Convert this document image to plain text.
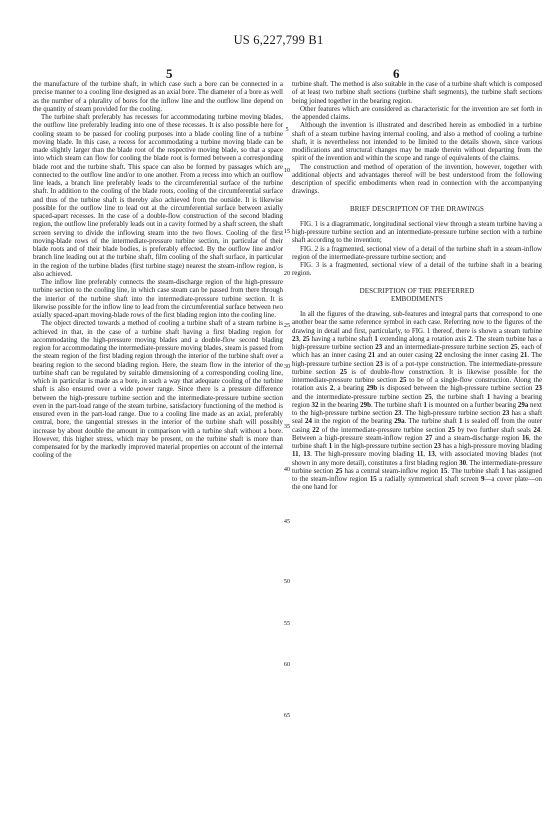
US 6,227,799 B1
5	6
5
10
15
20
25
30
35
40
45
50
55
60
65

the manufacture of the turbine shaft, in which case such a bore can be connected in a precise manner to a cooling line designed as an axial bore. The diameter of a bore as well as the number of a plurality of bores for the inflow line and the outflow line depend on the quantity of steam provided for the cooling.

The turbine shaft preferably has recesses for accommodating turbine moving blades, the outflow line preferably leading into one of these recesses. It is also possible here for cooling steam to be passed for cooling purposes into a blade cooling line of a turbine moving blade. In this case, a recess for accommodating a turbine moving blade can be made slightly larger than the blade root of the respective moving blade, so that a space into which steam can flow for cooling the blade root is formed between a corresponding blade root and the turbine shaft. This space can also be formed by passages which are connected to the outflow line and/or to one another. From a recess into which an outflow line leads, a branch line preferably leads to the circumferential surface of the turbine shaft. In addition to the cooling of the blade roots, cooling of the circumferential surface and thus of the turbine shaft is thereby also achieved from the outside. It is likewise possible for the outflow line to lead out at the circumferential surface between axially spaced-apart recesses. In the case of a double-flow construction of the second blading region, the outflow line preferably leads out in a cavity formed by a shaft screen, the shaft screen serving to divide the inflowing steam into the two flows. Cooling of the first moving-blade rows of the intermediate-pressure turbine section, in particular of their blade roots and of their blade bodies, is preferably effected. By the outflow line and/or branch line leading out at the turbine shaft, film cooling of the shaft surface, in particular in the region of the turbine blades (first turbine stage) nearest the steam-inflow region, is also achieved.

The inflow line preferably connects the steam-discharge region of the high-pressure turbine section to the cooling line, in which case steam can be passed from there through the interior of the turbine shaft into the intermediate-pressure turbine section. It is likewise possible for the inflow line to lead from the circumferential surface between two axially spaced-apart moving-blade rows of the first blading region into the cooling line.

The object directed towards a method of cooling a turbine shaft of a steam turbine is achieved in that, in the case of a turbine shaft having a first blading region for accommodating the high-pressure moving blades and a double-flow second blading region for accommodating the intermediate-pressure moving blades, steam is passed from the steam region of the first blading region through the interior of the turbine shaft over a bearing region to the second blading region. Here, the steam flow in the interior of the turbine shaft can be regulated by suitable dimensioning of a corresponding cooling line, which in particular is made as a bore, in such a way that adequate cooling of the turbine shaft is also ensured over a wide power range. Since there is a pressure difference between the high-pressure turbine section and the intermediate-pressure turbine section even in the part-load range of the steam turbine, satisfactory functioning of the method is ensured even in the part-load range. Due to a cooling line made as an axial, preferably central, bore, the tangential stresses in the interior of the turbine shaft will possibly increase by about double the amount in comparison with a turbine shaft without a bore. However, this higher stress, which may be present, on the turbine shaft is more than compensated for by the markedly improved material properties on account of the internal cooling of the

turbine shaft. The method is also suitable in the case of a turbine shaft which is composed of at least two turbine shaft sections (turbine shaft segments), the turbine shaft sections being joined together in the bearing region.

Other features which are considered as characteristic for the invention are set forth in the appended claims.

Although the invention is illustrated and described herein as embodied in a turbine shaft of a steam turbine having internal cooling, and also a method of cooling a turbine shaft, it is nevertheless not intended to be limited to the details shown, since various modifications and structural changes may be made therein without departing from the spirit of the invention and within the scope and range of equivalents of the claims.

The construction and method of operation of the invention, however, together with additional objects and advantages thereof will be best understood from the following description of specific embodiments when read in connection with the accompanying drawings.

BRIEF DESCRIPTION OF THE DRAWINGS

FIG. 1 is a diagrammatic, longitudinal sectional view through a steam turbine having a high-pressure turbine section and an intermediate-pressure turbine section with a turbine shaft according to the invention;

FIG. 2 is a fragmented, sectional view of a detail of the turbine shaft in a steam-inflow region of the intermediate-pressure turbine section; and

FIG. 3 is a fragmented, sectional view of a detail of the turbine shaft in a bearing region.

DESCRIPTION OF THE PREFERRED
EMBODIMENTS

In all the figures of the drawing, sub-features and integral parts that correspond to one another bear the same reference symbol in each case. Referring now to the figures of the drawing in detail and first, particularly, to FIG. 1 thereof, there is shown a steam turbine 23, 25 having a turbine shaft 1 extending along a rotation axis 2. The steam turbine has a high-pressure turbine section 23 and an intermediate-pressure turbine section 25, each of which has an inner casing 21 and an outer casing 22 enclosing the inner casing 21. The high-pressure turbine section 23 is of a pot-type construction. The intermediate-pressure turbine section 25 is of double-flow construction. It is likewise possible for the intermediate-pressure turbine section 25 to be of a single-flow construction. Along the rotation axis 2, a bearing 29b is disposed between the high-pressure turbine section 23 and the intermediate-pressure turbine section 25, the turbine shaft 1 having a bearing region 32 in the bearing 29b. The turbine shaft 1 is mounted on a further bearing 29a next to the high-pressure turbine section 23. The high-pressure turbine section 23 has a shaft seal 24 in the region of the bearing 29a. The turbine shaft 1 is sealed off from the outer casing 22 of the intermediate-pressure turbine section 25 by two further shaft seals 24. Between a high-pressure steam-inflow region 27 and a steam-discharge region 16, the turbine shaft 1 in the high-pressure turbine section 23 has a high-pressure moving blading 11, 13. The high-pressure moving blading 11, 13, with associated moving blades (not shown in any more detail), constitutes a first blading region 30. The intermediate-pressure turbine section 25 has a central steam-inflow region 15. The turbine shaft 1 has assigned to the steam-inflow region 15 a radially symmetrical shaft screen 9—a cover plate—on the one hand for
